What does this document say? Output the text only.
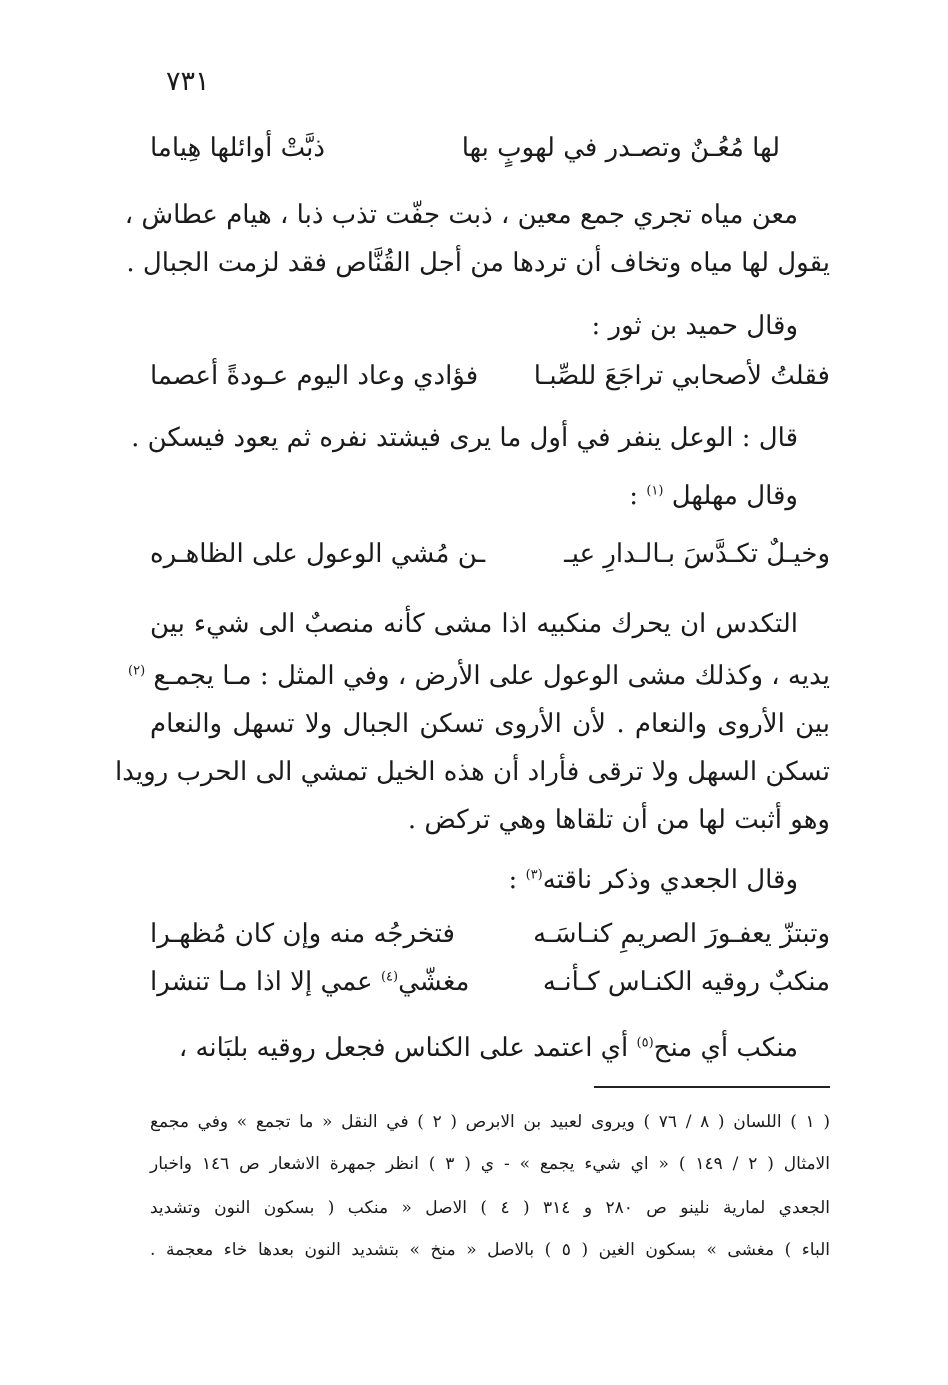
٧٣١

لها مُعُـنٌ وتصـدر في لهوبٍ بها
ذبَّتْ أوائلها هِياما

معن مياه تجري جمع معين ، ذبت جفّت تذب ذبا ، هيام عطاش ،

يقول لها مياه وتخاف أن تردها من أجل القُنَّاص فقد لزمت الجبال .

وقال حميد بن ثور :

فقلتُ لأصحابي تراجَعَ للصِّبـا
فؤادي وعاد اليوم عـودةً أعصما

قال : الوعل ينفر في أول ما يرى فيشتد نفره ثم يعود فيسكن .

وقال مهلهل $^{(١)}$ :

وخيـلٌ تكـدَّسَ بـالـدارِ عيـ
ـن مُشي الوعول على الظاهـره

التكدس ان يحرك منكبيه اذا مشى كأنه منصبٌ الى شيء بين

يديه ، وكذلك مشى الوعول على الأرض ، وفي المثل : مـا يجمـع $^{(٢)}$

بين الأروى والنعام . لأن الأروى تسكن الجبال ولا تسهل والنعام

تسكن السهل ولا ترقى فأراد أن هذه الخيل تمشي الى الحرب رويدا

وهو أثبت لها من أن تلقاها وهي تركض .

وقال الجعدي وذكر ناقته$^{(٣)}$ :

وتبتزّ يعفـورَ الصريمِ كنـاسَـه
فتخرجُه منه وإن كان مُظهـرا
منكبٌ روقيه الكنـاس كـأنـه
مغشّي$^{(٤)}$ عمي إلا اذا مـا تنشرا

منكب أي منح$^{(٥)}$ أي اعتمد على الكناس فجعل روقيه بلبَانه ،

( ١ ) اللسان ( ٨ / ٧٦ ) ويروى لعبيد بن الابرص ( ٢ ) في النقل « ما تجمع » وفي مجمع

الامثال ( ٢ / ١٤٩ ) « اي شيء يجمع » - ي ( ٣ ) انظر جمهرة الاشعار ص ١٤٦ واخبار

الجعدي لمارية نلينو ص ٢٨٠ و ٣١٤ ( ٤ ) الاصل « منكب ( بسكون النون وتشديد

الباء ) مغشى » بسكون الغين ( ٥ ) بالاصل « منخ » بتشديد النون بعدها خاء معجمة .
